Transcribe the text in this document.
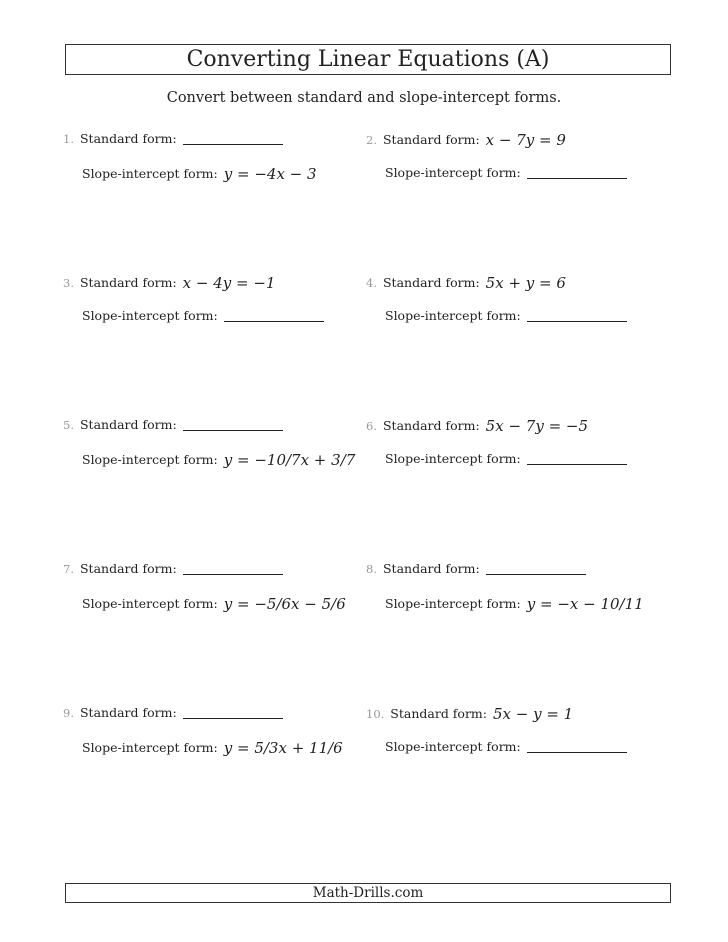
Converting Linear Equations (A)
Convert between standard and slope-intercept forms.
1. Standard form:
Slope-intercept form: y = −4x − 3
2. Standard form: x − 7y = 9
Slope-intercept form:
3. Standard form: x − 4y = −1
Slope-intercept form:
4. Standard form: 5x + y = 6
Slope-intercept form:
5. Standard form:
Slope-intercept form: y = −10/7x + 3/7
6. Standard form: 5x − 7y = −5
Slope-intercept form:
7. Standard form:
Slope-intercept form: y = −5/6x − 5/6
8. Standard form:
Slope-intercept form: y = −x − 10/11
9. Standard form:
Slope-intercept form: y = 5/3x + 11/6
10. Standard form: 5x − y = 1
Slope-intercept form:
Math-Drills.com
